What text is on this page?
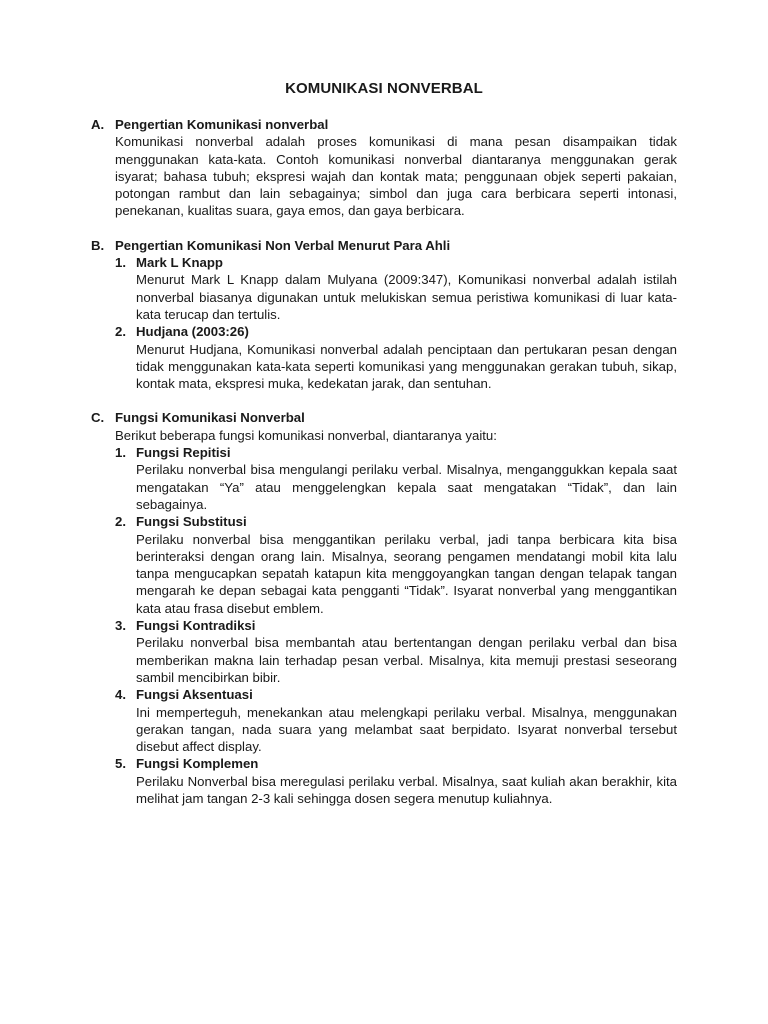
KOMUNIKASI NONVERBAL
A. Pengertian Komunikasi nonverbal

Komunikasi nonverbal adalah proses komunikasi di mana pesan disampaikan tidak menggunakan kata-kata. Contoh komunikasi nonverbal diantaranya menggunakan gerak isyarat; bahasa tubuh; ekspresi wajah dan kontak mata; penggunaan objek seperti pakaian, potongan rambut dan lain sebagainya; simbol dan juga cara berbicara seperti intonasi, penekanan, kualitas suara, gaya emos, dan gaya berbicara.

B. Pengertian Komunikasi Non Verbal Menurut Para Ahli
1. Mark L Knapp

Menurut Mark L Knapp dalam Mulyana (2009:347), Komunikasi nonverbal adalah istilah nonverbal biasanya digunakan untuk melukiskan semua peristiwa komunikasi di luar kata-kata terucap dan tertulis.

2. Hudjana (2003:26)

Menurut Hudjana, Komunikasi nonverbal adalah penciptaan dan pertukaran pesan dengan tidak menggunakan kata-kata seperti komunikasi yang menggunakan gerakan tubuh, sikap, kontak mata, ekspresi muka, kedekatan jarak, dan sentuhan.

C. Fungsi Komunikasi Nonverbal

Berikut beberapa fungsi komunikasi nonverbal, diantaranya yaitu:

1. Fungsi Repitisi

Perilaku nonverbal bisa mengulangi perilaku verbal. Misalnya, menganggukkan kepala saat mengatakan “Ya” atau menggelengkan kepala saat mengatakan “Tidak”, dan lain sebagainya.

2. Fungsi Substitusi

Perilaku nonverbal bisa menggantikan perilaku verbal, jadi tanpa berbicara kita bisa berinteraksi dengan orang lain. Misalnya, seorang pengamen mendatangi mobil kita lalu tanpa mengucapkan sepatah katapun kita menggoyangkan tangan dengan telapak tangan mengarah ke depan sebagai kata pengganti “Tidak”. Isyarat nonverbal yang menggantikan kata atau frasa disebut emblem.

3. Fungsi Kontradiksi

Perilaku nonverbal bisa membantah atau bertentangan dengan perilaku verbal dan bisa memberikan makna lain terhadap pesan verbal. Misalnya, kita memuji prestasi seseorang sambil mencibirkan bibir.

4. Fungsi Aksentuasi

Ini memperteguh, menekankan atau melengkapi perilaku verbal. Misalnya, menggunakan gerakan tangan, nada suara yang melambat saat berpidato. Isyarat nonverbal tersebut disebut affect display.

5. Fungsi Komplemen

Perilaku Nonverbal bisa meregulasi perilaku verbal. Misalnya, saat kuliah akan berakhir, kita melihat jam tangan 2-3 kali sehingga dosen segera menutup kuliahnya.
